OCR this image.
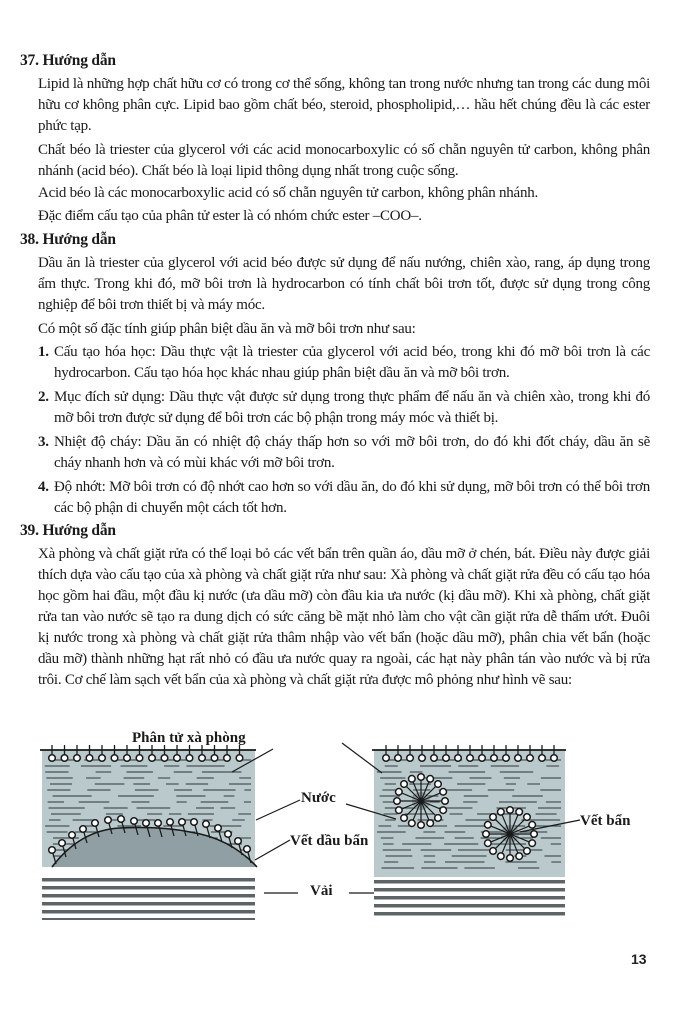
37. Hướng dẫn
Lipid là những hợp chất hữu cơ có trong cơ thể sống, không tan trong nước nhưng tan trong các dung môi hữu cơ không phân cực. Lipid bao gồm chất béo, steroid, phospholipid,… hầu hết chúng đều là các ester phức tạp.
Chất béo là triester của glycerol với các acid monocarboxylic có số chẵn nguyên tử carbon, không phân nhánh (acid béo). Chất béo là loại lipid thông dụng nhất trong cuộc sống.
Acid béo là các monocarboxylic acid có số chẵn nguyên tử carbon, không phân nhánh.
Đặc điểm cấu tạo của phân tử ester là có nhóm chức ester –COO–.
38. Hướng dẫn
Dầu ăn là triester của glycerol với acid béo được sử dụng để nấu nướng, chiên xào, rang, áp dụng trong ẩm thực. Trong khi đó, mỡ bôi trơn là hydrocarbon có tính chất bôi trơn tốt, được sử dụng trong công nghiệp để bôi trơn thiết bị và máy móc.
Có một số đặc tính giúp phân biệt dầu ăn và mỡ bôi trơn như sau:
1. Cấu tạo hóa học: Dầu thực vật là triester của glycerol với acid béo, trong khi đó mỡ bôi trơn là các hydrocarbon. Cấu tạo hóa học khác nhau giúp phân biệt dầu ăn và mỡ bôi trơn.
2. Mục đích sử dụng: Dầu thực vật được sử dụng trong thực phẩm để nấu ăn và chiên xào, trong khi đó mỡ bôi trơn được sử dụng để bôi trơn các bộ phận trong máy móc và thiết bị.
3. Nhiệt độ cháy: Dầu ăn có nhiệt độ cháy thấp hơn so với mỡ bôi trơn, do đó khi đốt cháy, dầu ăn sẽ cháy nhanh hơn và có mùi khác với mỡ bôi trơn.
4. Độ nhớt: Mỡ bôi trơn có độ nhớt cao hơn so với dầu ăn, do đó khi sử dụng, mỡ bôi trơn có thể bôi trơn các bộ phận di chuyển một cách tốt hơn.
39. Hướng dẫn
Xà phòng và chất giặt rửa có thể loại bỏ các vết bẩn trên quần áo, dầu mỡ ở chén, bát. Điều này được giải thích dựa vào cấu tạo của xà phòng và chất giặt rửa như sau: Xà phòng và chất giặt rửa đều có cấu tạo hóa học gồm hai đầu, một đầu kị nước (ưa dầu mỡ) còn đầu kia ưa nước (kị dầu mỡ). Khi xà phòng, chất giặt rửa tan vào nước sẽ tạo ra dung dịch có sức căng bề mặt nhỏ làm cho vật cần giặt rửa dễ thấm ướt. Đuôi kị nước trong xà phòng và chất giặt rửa thâm nhập vào vết bẩn (hoặc dầu mỡ), phân chia vết bẩn (hoặc dầu mỡ) thành những hạt rất nhỏ có đầu ưa nước quay ra ngoài, các hạt này phân tán vào nước và bị rửa trôi. Cơ chế làm sạch vết bẩn của xà phòng và chất giặt rửa được mô phỏng như hình vẽ sau:
Phân tử xà phòng
Nước
Vết dầu bẩn
Vải
Vết bẩn
13
